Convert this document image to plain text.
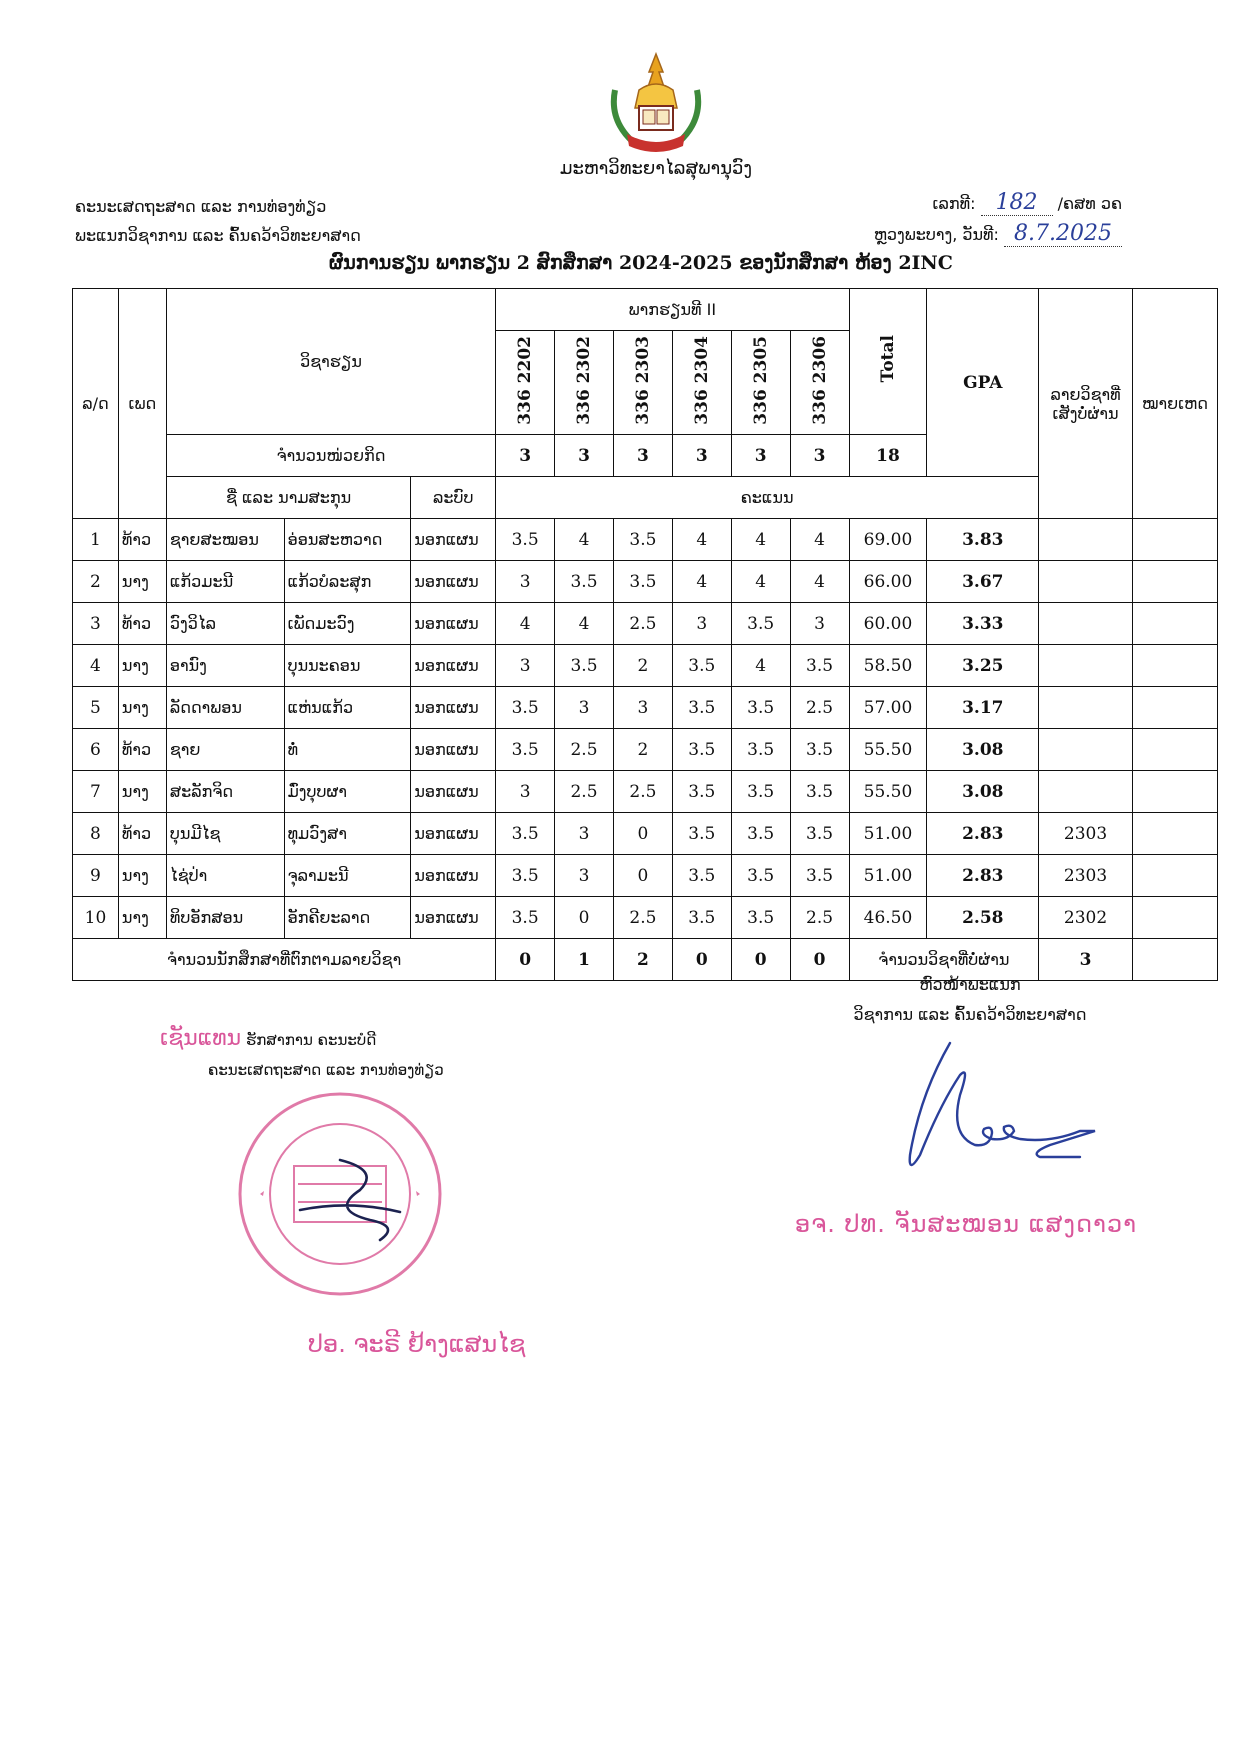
ມະຫາວິທະຍາໄລສຸພານຸວົງ
ຄະນະເສດຖະສາດ ແລະ ການທ່ອງທ່ຽວ
ພະແນກວິຊາການ ແລະ ຄົ້ນຄວ້າວິທະຍາສາດ
ເລກທີ: 182 /ຄສທ ວຄ
ຫຼວງພະບາງ, ວັນທີ: 8.7.2025
ຜົນການຮຽນ ພາກຮຽນ 2 ສົກສຶກສາ 2024-2025 ຂອງນັກສຶກສາ ຫ້ອງ 2INC
ລ/ດ	ເພດ	ວິຊາຮຽນ			ພາກຮຽນທີ II						Total	GPA	ລາຍວິຊາທີ່ເສັງບໍ່ຜ່ານ	ໝາຍເຫດ
					336 2202	336 2302	336 2303	336 2304	336 2305	336 2306				
		ຈຳນວນໜ່ວຍກິດ			3	3	3	3	3	3	18			
		ຊື່ ແລະ ນາມສະກຸນ		ລະບົບ	ຄະແນນ									
1	ທ້າວ	ຊາຍສະໝອນ	ອ່ອນສະຫວາດ	ນອກແຜນ	3.5	4	3.5	4	4	4	69.00	3.83		
2	ນາງ	ແກ້ວມະນີ	ແກ້ວບໍລະສຸກ	ນອກແຜນ	3	3.5	3.5	4	4	4	66.00	3.67		
3	ທ້າວ	ວົງວິໄລ	ເພັດມະວົງ	ນອກແຜນ	4	4	2.5	3	3.5	3	60.00	3.33		
4	ນາງ	ອານົງ	ບຸນນະຄອນ	ນອກແຜນ	3	3.5	2	3.5	4	3.5	58.50	3.25		
5	ນາງ	ລັດດາພອນ	ແຫ່ນແກ້ວ	ນອກແຜນ	3.5	3	3	3.5	3.5	2.5	57.00	3.17		
6	ທ້າວ	ຊາຍ	ທໍ່	ນອກແຜນ	3.5	2.5	2	3.5	3.5	3.5	55.50	3.08		
7	ນາງ	ສະລັກຈິດ	ມົ່ງບຸບຜາ	ນອກແຜນ	3	2.5	2.5	3.5	3.5	3.5	55.50	3.08		
8	ທ້າວ	ບຸນມີໄຊ	ທຸມວົງສາ	ນອກແຜນ	3.5	3	0	3.5	3.5	3.5	51.00	2.83	2303	
9	ນາງ	ໄຊ່ປ່າ	ຈຸລາມະນີ	ນອກແຜນ	3.5	3	0	3.5	3.5	3.5	51.00	2.83	2303	
10	ນາງ	ທິບອັກສອນ	ອັກຄີຍະລາດ	ນອກແຜນ	3.5	0	2.5	3.5	3.5	2.5	46.50	2.58	2302	
ຈຳນວນນັກສຶກສາທີ່ຕົກຕາມລາຍວິຊາ					0	1	2	0	0	0	ຈຳນວນວິຊາທີ່ບໍ່ຜ່ານ		3	
ຫົວໜ້າພະແນກ
ວິຊາການ ແລະ ຄົ້ນຄວ້າວິທະຍາສາດ
ອຈ. ປທ. ຈັນສະໝອນ ແສງດາວາ
ເຊັນແທນ ຮັກສາການ ຄະນະບໍດີ
ຄະນະເສດຖະສາດ ແລະ ການທ່ອງທ່ຽວ
ປອ. ຈະຣີ ຢ້າງແສນໄຊ
